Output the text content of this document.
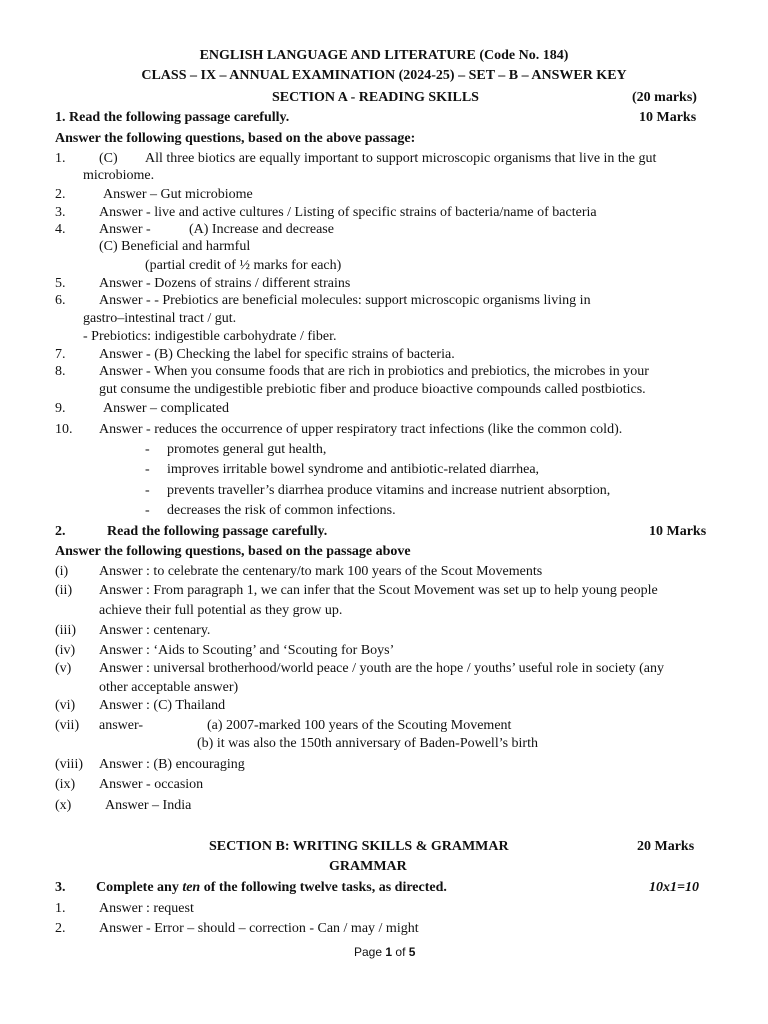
ENGLISH LANGUAGE AND LITERATURE (Code No. 184)
CLASS – IX – ANNUAL EXAMINATION (2024-25) – SET – B – ANSWER KEY
SECTION A - READING SKILLS	(20 marks)
1. Read the following passage carefully.	10 Marks
Answer the following questions, based on the above passage:
1. (C) All three biotics are equally important to support microscopic organisms that live in the gut
microbiome.
2.	Answer – Gut microbiome
3. Answer - live and active cultures / Listing of specific strains of bacteria/name of bacteria
4. Answer -	(A) Increase and decrease
(C) Beneficial and harmful
(partial credit of ½ marks for each)
5. Answer - Dozens of strains / different strains
6. Answer - - Prebiotics are beneficial molecules: support microscopic organisms living in
gastro–intestinal tract / gut.
- Prebiotics: indigestible carbohydrate / fiber.
7. Answer - (B) Checking the label for specific strains of bacteria.
8. Answer - When you consume foods that are rich in probiotics and prebiotics, the microbes in your
gut consume the undigestible prebiotic fiber and produce bioactive compounds called postbiotics.
9.	Answer – complicated
10. Answer - reduces the occurrence of upper respiratory tract infections (like the common cold).
- promotes general gut health,
- improves irritable bowel syndrome and antibiotic-related diarrhea,
- prevents traveller’s diarrhea produce vitamins and increase nutrient absorption,
- decreases the risk of common infections.
2.	Read the following passage carefully.	10 Marks
Answer the following questions, based on the passage above
(i) Answer : to celebrate the centenary/to mark 100 years of the Scout Movements
(ii) Answer : From paragraph 1, we can infer that the Scout Movement was set up to help young people
achieve their full potential as they grow up.
(iii) Answer : centenary.
(iv) Answer : ‘Aids to Scouting’ and ‘Scouting for Boys’
(v) Answer : universal brotherhood/world peace / youth are the hope / youths’ useful role in society (any
other acceptable answer)
(vi) Answer : (C) Thailand
(vii) answer-	(a) 2007-marked 100 years of the Scouting Movement
(b) it was also the 150th anniversary of Baden-Powell’s birth
(viii) Answer : (B) encouraging
(ix) Answer - occasion
(x) Answer – India
SECTION B: WRITING SKILLS & GRAMMAR	20 Marks
GRAMMAR
3. Complete any ten of the following twelve tasks, as directed.	10x1=10
1. Answer : request
2. Answer - Error – should – correction - Can / may / might
Page 1 of 5
